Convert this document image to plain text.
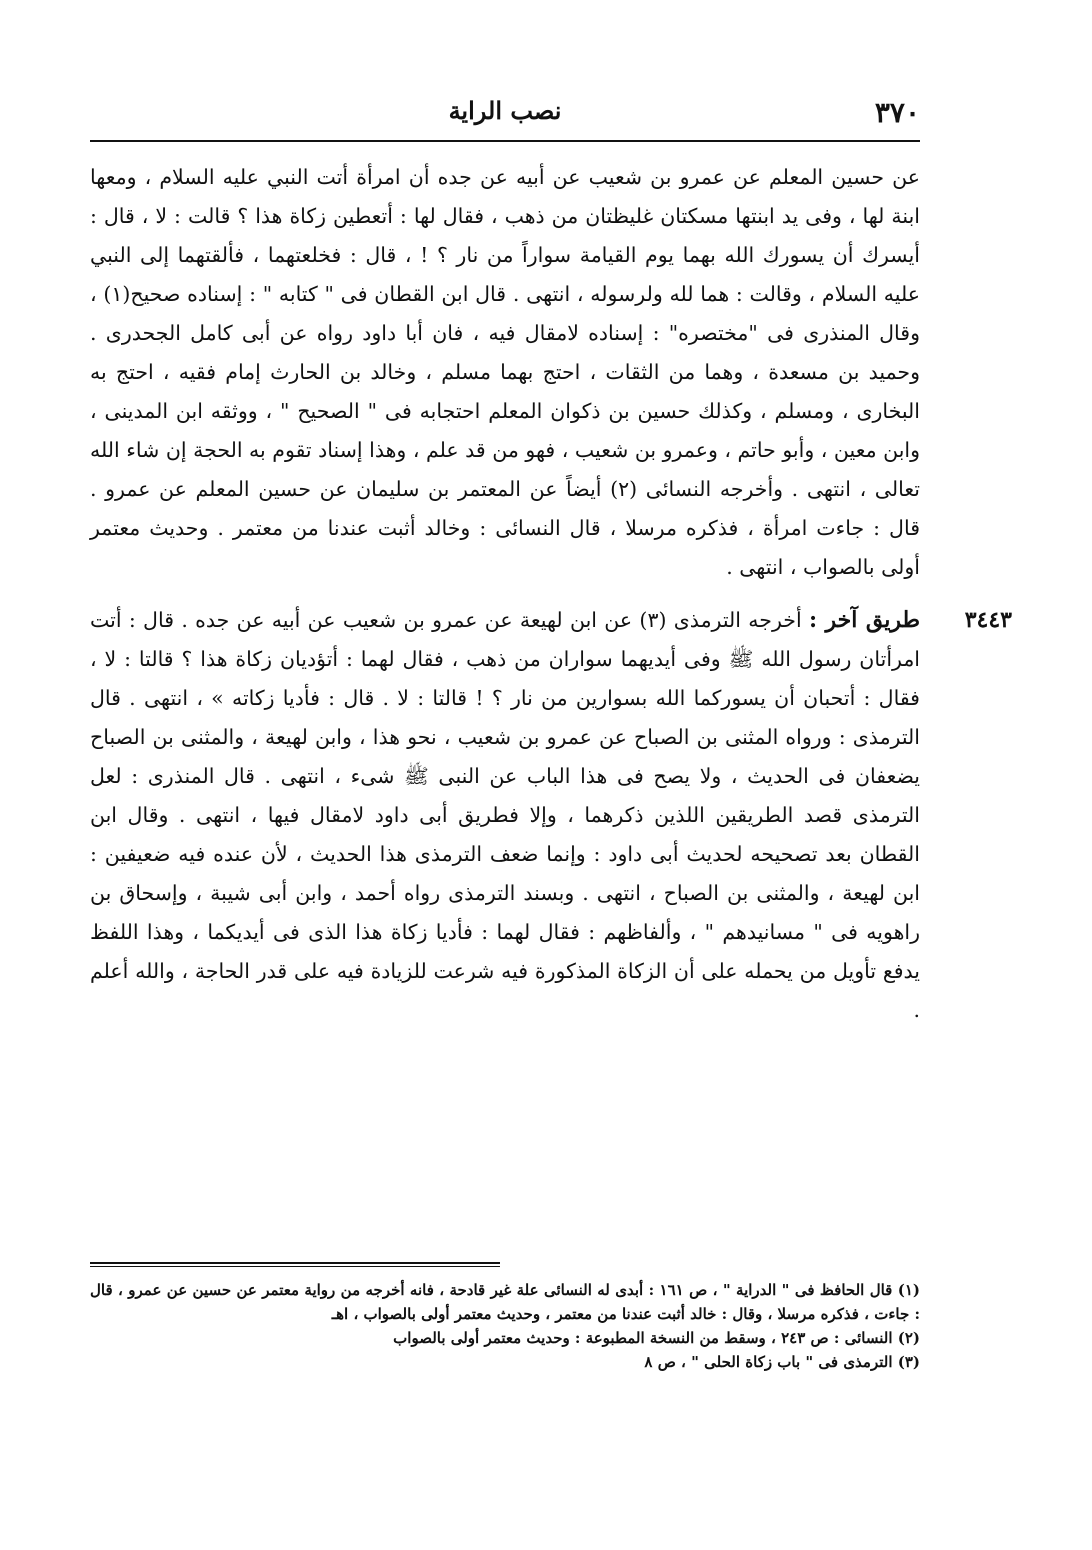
٣٧٠
نصب الراية

عن حسين المعلم عن عمرو بن شعيب عن أبيه عن جده أن امرأة أتت النبي عليه السلام ، ومعها ابنة لها ، وفى يد ابنتها مسكتان غليظتان من ذهب ، فقال لها : أتعطين زكاة هذا ؟ قالت : لا ، قال : أيسرك أن يسورك الله بهما يوم القيامة سواراً من نار ؟ ! ، قال : فخلعتهما ، فألقتهما إلى النبي عليه السلام ، وقالت : هما لله ولرسوله ، انتهى . قال ابن القطان فى " كتابه " : إسناده صحيح(١) ، وقال المنذرى فى "مختصره" : إسناده لامقال فيه ، فان أبا داود رواه عن أبى كامل الجحدرى . وحميد بن مسعدة ، وهما من الثقات ، احتج بهما مسلم ، وخالد بن الحارث إمام فقيه ، احتج به البخارى ، ومسلم ، وكذلك حسين بن ذكوان المعلم احتجابه فى " الصحيح " ، ووثقه ابن المدينى ، وابن معين ، وأبو حاتم ، وعمرو بن شعيب ، فهو من قد علم ، وهذا إسناد تقوم به الحجة إن شاء الله تعالى ، انتهى . وأخرجه النسائى (٢) أيضاً عن المعتمر بن سليمان عن حسين المعلم عن عمرو . قال : جاءت امرأة ، فذكره مرسلا ، قال النسائى : وخالد أثبت عندنا من معتمر . وحديث معتمر أولى بالصواب ، انتهى .

٣٤٤٣

طريق آخر : أخرجه الترمذى (٣) عن ابن لهيعة عن عمرو بن شعيب عن أبيه عن جده . قال : أتت امرأتان رسول الله ﷺ وفى أيديهما سواران من ذهب ، فقال لهما : أتؤديان زكاة هذا ؟ قالتا : لا ، فقال : أتحبان أن يسوركما الله بسوارين من نار ؟ ! قالتا : لا . قال : فأديا زكاته » ، انتهى . قال الترمذى : ورواه المثنى بن الصباح عن عمرو بن شعيب ، نحو هذا ، وابن لهيعة ، والمثنى بن الصباح يضعفان فى الحديث ، ولا يصح فى هذا الباب عن النبى ﷺ شىء ، انتهى . قال المنذرى : لعل الترمذى قصد الطريقين اللذين ذكرهما ، وإلا فطريق أبى داود لامقال فيها ، انتهى . وقال ابن القطان بعد تصحيحه لحديث أبى داود : وإنما ضعف الترمذى هذا الحديث ، لأن عنده فيه ضعيفين : ابن لهيعة ، والمثنى بن الصباح ، انتهى . وبسند الترمذى رواه أحمد ، وابن أبى شيبة ، وإسحاق بن راهويه فى " مسانيدهم " ، وألفاظهم : فقال لهما : فأديا زكاة هذا الذى فى أيديكما ، وهذا اللفظ يدفع تأويل من يحمله على أن الزكاة المذكورة فيه شرعت للزيادة فيه على قدر الحاجة ، والله أعلم .

(١) قال الحافظ فى " الدراية " ، ص ١٦١ : أبدى له النسائى علة غير قادحة ، فانه أخرجه من رواية معتمر عن حسين عن عمرو ، قال : جاءت ، فذكره مرسلا ، وقال : خالد أثبت عندنا من معتمر ، وحديث معتمر أولى بالصواب ، اهـ

(٢) النسائى : ص ٢٤٣ ، وسقط من النسخة المطبوعة : وحديث معتمر أولى بالصواب

(٣) الترمذى فى " باب زكاة الحلى " ، ص ٨
